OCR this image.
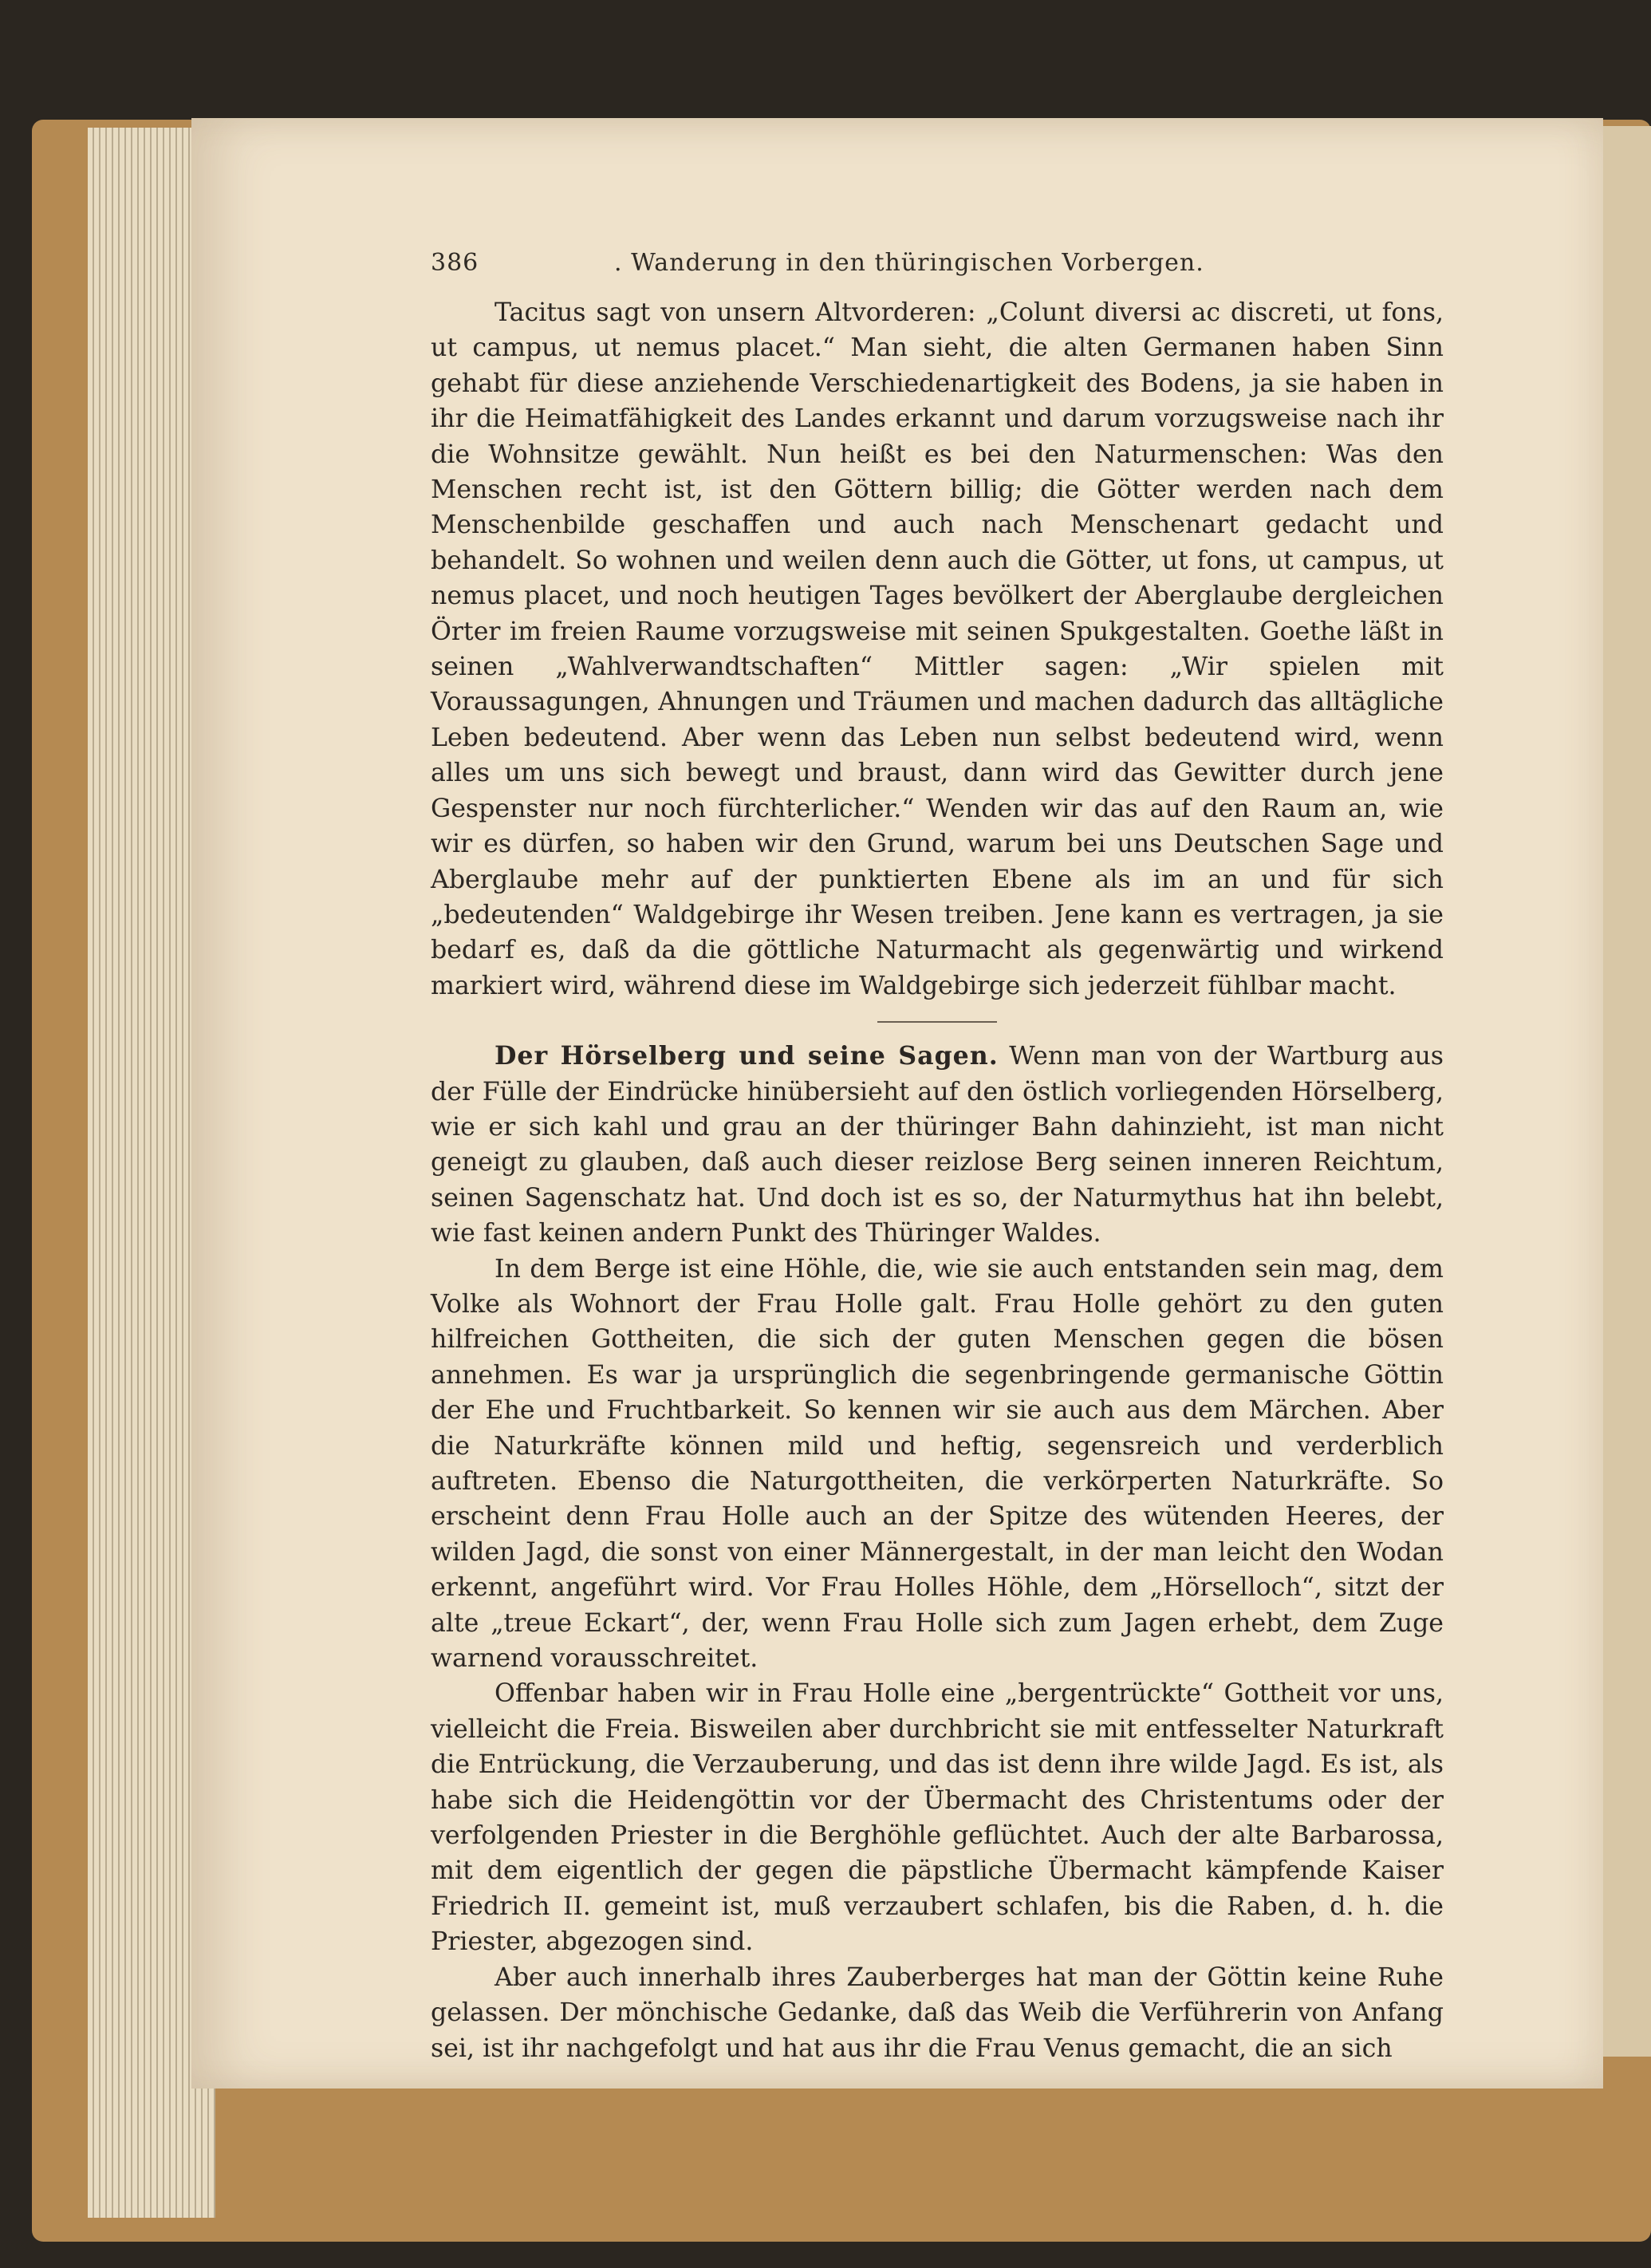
386	. Wanderung in den thüringischen Vorbergen.

Tacitus sagt von unsern Altvorderen: „Colunt diversi ac discreti, ut fons, ut campus, ut nemus placet.“ Man sieht, die alten Germanen haben Sinn gehabt für diese anziehende Verschiedenartigkeit des Bodens, ja sie haben in ihr die Heimatfähigkeit des Landes erkannt und darum vorzugsweise nach ihr die Wohnsitze gewählt. Nun heißt es bei den Naturmenschen: Was den Menschen recht ist, ist den Göttern billig; die Götter werden nach dem Menschenbilde geschaffen und auch nach Menschenart gedacht und behandelt. So wohnen und weilen denn auch die Götter, ut fons, ut campus, ut nemus placet, und noch heutigen Tages bevölkert der Aberglaube dergleichen Örter im freien Raume vorzugsweise mit seinen Spukgestalten. Goethe läßt in seinen „Wahlverwandtschaften“ Mittler sagen: „Wir spielen mit Voraussagungen, Ahnungen und Träumen und machen dadurch das alltägliche Leben bedeutend. Aber wenn das Leben nun selbst bedeutend wird, wenn alles um uns sich bewegt und braust, dann wird das Gewitter durch jene Gespenster nur noch fürchterlicher.“ Wenden wir das auf den Raum an, wie wir es dürfen, so haben wir den Grund, warum bei uns Deutschen Sage und Aberglaube mehr auf der punktierten Ebene als im an und für sich „bedeutenden“ Waldgebirge ihr Wesen treiben. Jene kann es vertragen, ja sie bedarf es, daß da die göttliche Naturmacht als gegenwärtig und wirkend markiert wird, während diese im Waldgebirge sich jederzeit fühlbar macht.

Der Hörselberg und seine Sagen. Wenn man von der Wartburg aus der Fülle der Eindrücke hinübersieht auf den östlich vorliegenden Hörselberg, wie er sich kahl und grau an der thüringer Bahn dahinzieht, ist man nicht geneigt zu glauben, daß auch dieser reizlose Berg seinen inneren Reichtum, seinen Sagenschatz hat. Und doch ist es so, der Naturmythus hat ihn belebt, wie fast keinen andern Punkt des Thüringer Waldes.

In dem Berge ist eine Höhle, die, wie sie auch entstanden sein mag, dem Volke als Wohnort der Frau Holle galt. Frau Holle gehört zu den guten hilfreichen Gottheiten, die sich der guten Menschen gegen die bösen annehmen. Es war ja ursprünglich die segenbringende germanische Göttin der Ehe und Fruchtbarkeit. So kennen wir sie auch aus dem Märchen. Aber die Naturkräfte können mild und heftig, segensreich und verderblich auftreten. Ebenso die Naturgottheiten, die verkörperten Naturkräfte. So erscheint denn Frau Holle auch an der Spitze des wütenden Heeres, der wilden Jagd, die sonst von einer Männergestalt, in der man leicht den Wodan erkennt, angeführt wird. Vor Frau Holles Höhle, dem „Hörselloch“, sitzt der alte „treue Eckart“, der, wenn Frau Holle sich zum Jagen erhebt, dem Zuge warnend vorausschreitet.

Offenbar haben wir in Frau Holle eine „bergentrückte“ Gottheit vor uns, vielleicht die Freia. Bisweilen aber durchbricht sie mit entfesselter Naturkraft die Entrückung, die Verzauberung, und das ist denn ihre wilde Jagd. Es ist, als habe sich die Heidengöttin vor der Übermacht des Christentums oder der verfolgenden Priester in die Berghöhle geflüchtet. Auch der alte Barbarossa, mit dem eigentlich der gegen die päpstliche Übermacht kämpfende Kaiser Friedrich II. gemeint ist, muß verzaubert schlafen, bis die Raben, d. h. die Priester, abgezogen sind.

Aber auch innerhalb ihres Zauberberges hat man der Göttin keine Ruhe gelassen. Der mönchische Gedanke, daß das Weib die Verführerin von Anfang sei, ist ihr nachgefolgt und hat aus ihr die Frau Venus gemacht, die an sich
